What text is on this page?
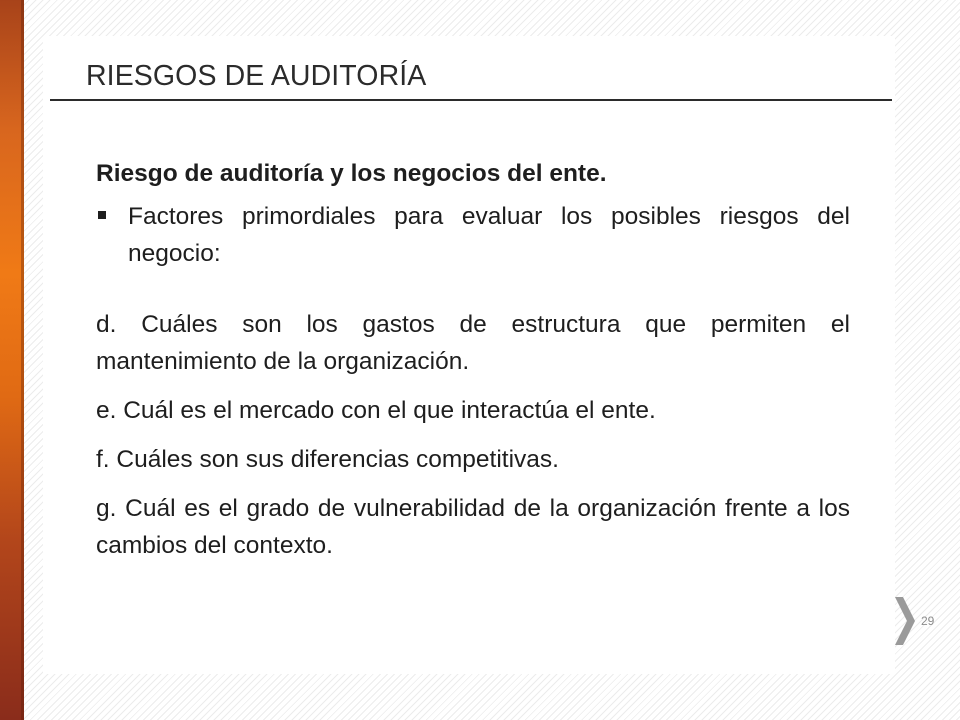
RIESGOS DE AUDITORÍA

Riesgo de auditoría y los negocios del ente.

Factores primordiales para evaluar los posibles riesgos del negocio:

d. Cuáles son los gastos de estructura que permiten el mantenimiento de la organización.

e. Cuál es el mercado con el que interactúa el ente.

f. Cuáles son sus diferencias competitivas.

g. Cuál es el grado de vulnerabilidad de la organización frente a los cambios del contexto.

29
